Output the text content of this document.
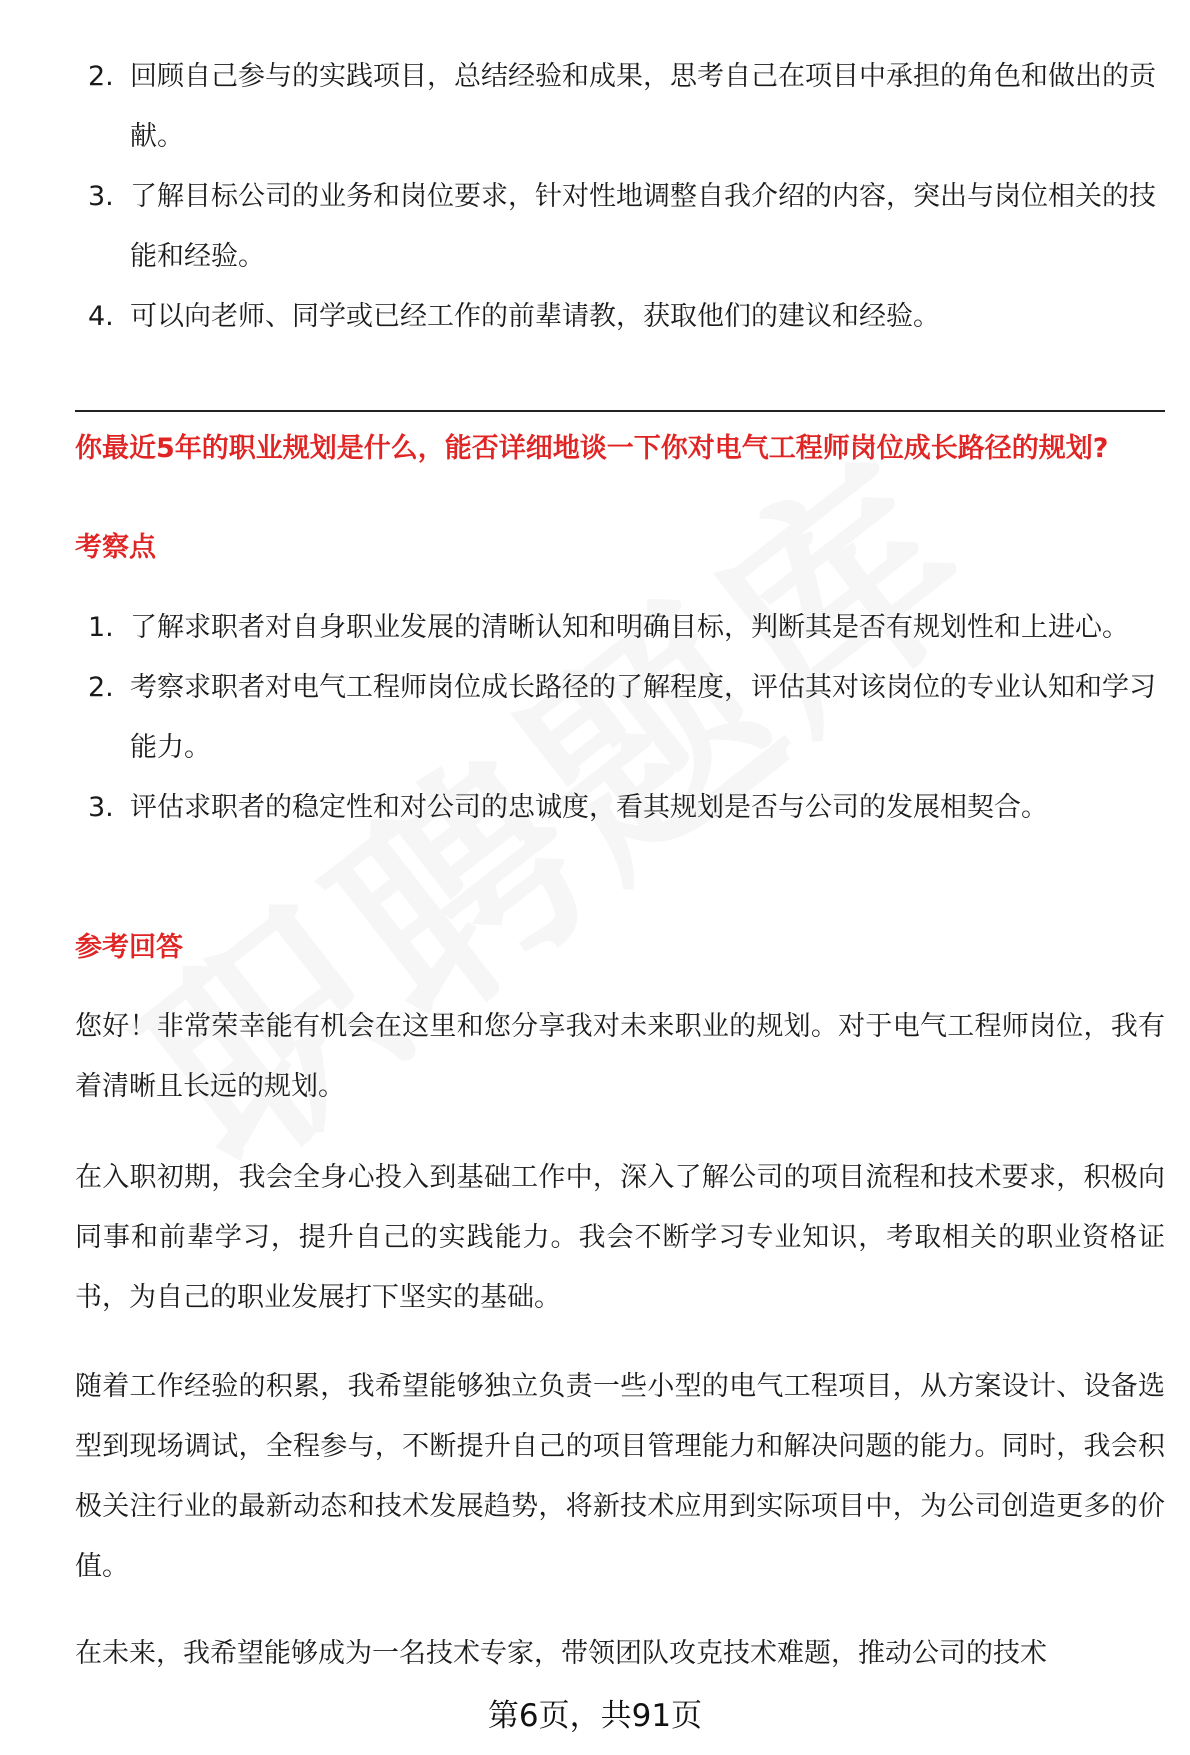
2. 回顾自己参与的实践项目，总结经验和成果，思考自己在项目中承担的角色和做出的贡献。
3. 了解目标公司的业务和岗位要求，针对性地调整自我介绍的内容，突出与岗位相关的技能和经验。
4. 可以向老师、同学或已经工作的前辈请教，获取他们的建议和经验。
你最近5年的职业规划是什么，能否详细地谈一下你对电气工程师岗位成长路径的规划?
考察点
1. 了解求职者对自身职业发展的清晰认知和明确目标，判断其是否有规划性和上进心。
2. 考察求职者对电气工程师岗位成长路径的了解程度，评估其对该岗位的专业认知和学习能力。
3. 评估求职者的稳定性和对公司的忠诚度，看其规划是否与公司的发展相契合。
参考回答
您好！非常荣幸能有机会在这里和您分享我对未来职业的规划。对于电气工程师岗位，我有着清晰且长远的规划。
在入职初期，我会全身心投入到基础工作中，深入了解公司的项目流程和技术要求，积极向同事和前辈学习，提升自己的实践能力。我会不断学习专业知识，考取相关的职业资格证书，为自己的职业发展打下坚实的基础。
随着工作经验的积累，我希望能够独立负责一些小型的电气工程项目，从方案设计、设备选型到现场调试，全程参与，不断提升自己的项目管理能力和解决问题的能力。同时，我会积极关注行业的最新动态和技术发展趋势，将新技术应用到实际项目中，为公司创造更多的价值。
在未来，我希望能够成为一名技术专家，带领团队攻克技术难题，推动公司的技术
第6页，共91页
